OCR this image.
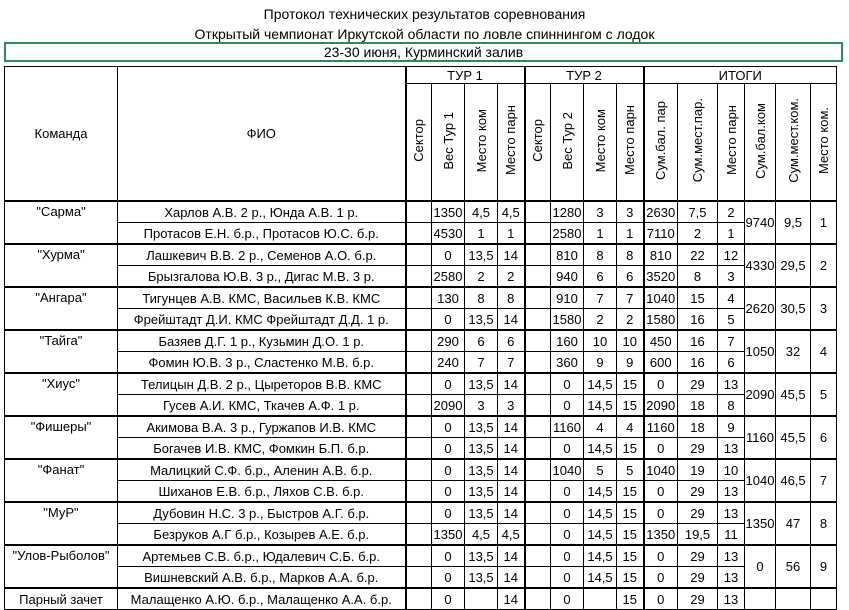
Протокол технических результатов соревнования
Открытый чемпионат Иркутской области по ловле спиннингом с лодок
23-30 июня, Курминский залив
Команда	ФИО	ТУР 1				ТУР 2				ИТОГИ					
		Сектор	Вес Тур 1	Место ком	Место парн	Сектор	Вес Тур 2	Место ком	Место парн	Сум.бал. пар	Сум.мест.пар.	Место парн	Сум.бал.ком	Сум.мест.ком.	Место ком.
"Сарма"	Харлов А.В. 2 р., Юнда А.В. 1 р.		1350	4,5	4,5		1280	3	3	2630	7,5	2	9740	9,5	1
	Протасов Е.Н. б.р., Протасов Ю.С. б.р.		4530	1	1		2580	1	1	7110	2	1			
"Хурма"	Лашкевич В.В. 2 р., Семенов А.О. б.р.		0	13,5	14		810	8	8	810	22	12	4330	29,5	2
	Брызгалова Ю.В. 3 р., Дигас М.В. 3 р.		2580	2	2		940	6	6	3520	8	3			
"Ангара"	Тигунцев А.В. КМС, Васильев К.В. КМС		130	8	8		910	7	7	1040	15	4	2620	30,5	3
	Фрейштадт Д.И. КМС Фрейштадт Д.Д. 1 р.		0	13,5	14		1580	2	2	1580	16	5			
"Тайга"	Базяев Д.Г. 1 р., Кузьмин Д.О. 1 р.		290	6	6		160	10	10	450	16	7	1050	32	4
	Фомин Ю.В. 3 р., Сластенко М.В. б.р.		240	7	7		360	9	9	600	16	6			
"Хиус"	Телицын Д.В. 2 р., Цыреторов В.В. КМС		0	13,5	14		0	14,5	15	0	29	13	2090	45,5	5
	Гусев А.И. КМС, Ткачев А.Ф. 1 р.		2090	3	3		0	14,5	15	2090	18	8			
"Фишеры"	Акимова В.А. 3 р., Гуржапов И.В. КМС		0	13,5	14		1160	4	4	1160	18	9	1160	45,5	6
	Богачев И.В. КМС, Фомкин Б.П. б.р.		0	13,5	14		0	14,5	15	0	29	13			
"Фанат"	Малицкий С.Ф. б.р., Аленин А.В. б.р.		0	13,5	14		1040	5	5	1040	19	10	1040	46,5	7
	Шиханов Е.В. б.р., Ляхов С.В. б.р.		0	13,5	14		0	14,5	15	0	29	13			
"МуР"	Дубовин Н.С. 3 р., Быстров А.Г. б.р.		0	13,5	14		0	14,5	15	0	29	13	1350	47	8
	Безруков А.Г б.р., Козырев А.Е. б.р.		1350	4,5	4,5		0	14,5	15	1350	19,5	11			
"Улов-Рыболов"	Артемьев С.В. б.р., Юдалевич С.Б. б.р.		0	13,5	14		0	14,5	15	0	29	13	0	56	9
	Вишневский А.В. б.р., Марков А.А. б.р.		0	13,5	14		0	14,5	15	0	29	13			
Парный зачет	Малащенко А.Ю. б.р., Малащенко А.А. б.р.		0		14		0		15	0	29	13			
